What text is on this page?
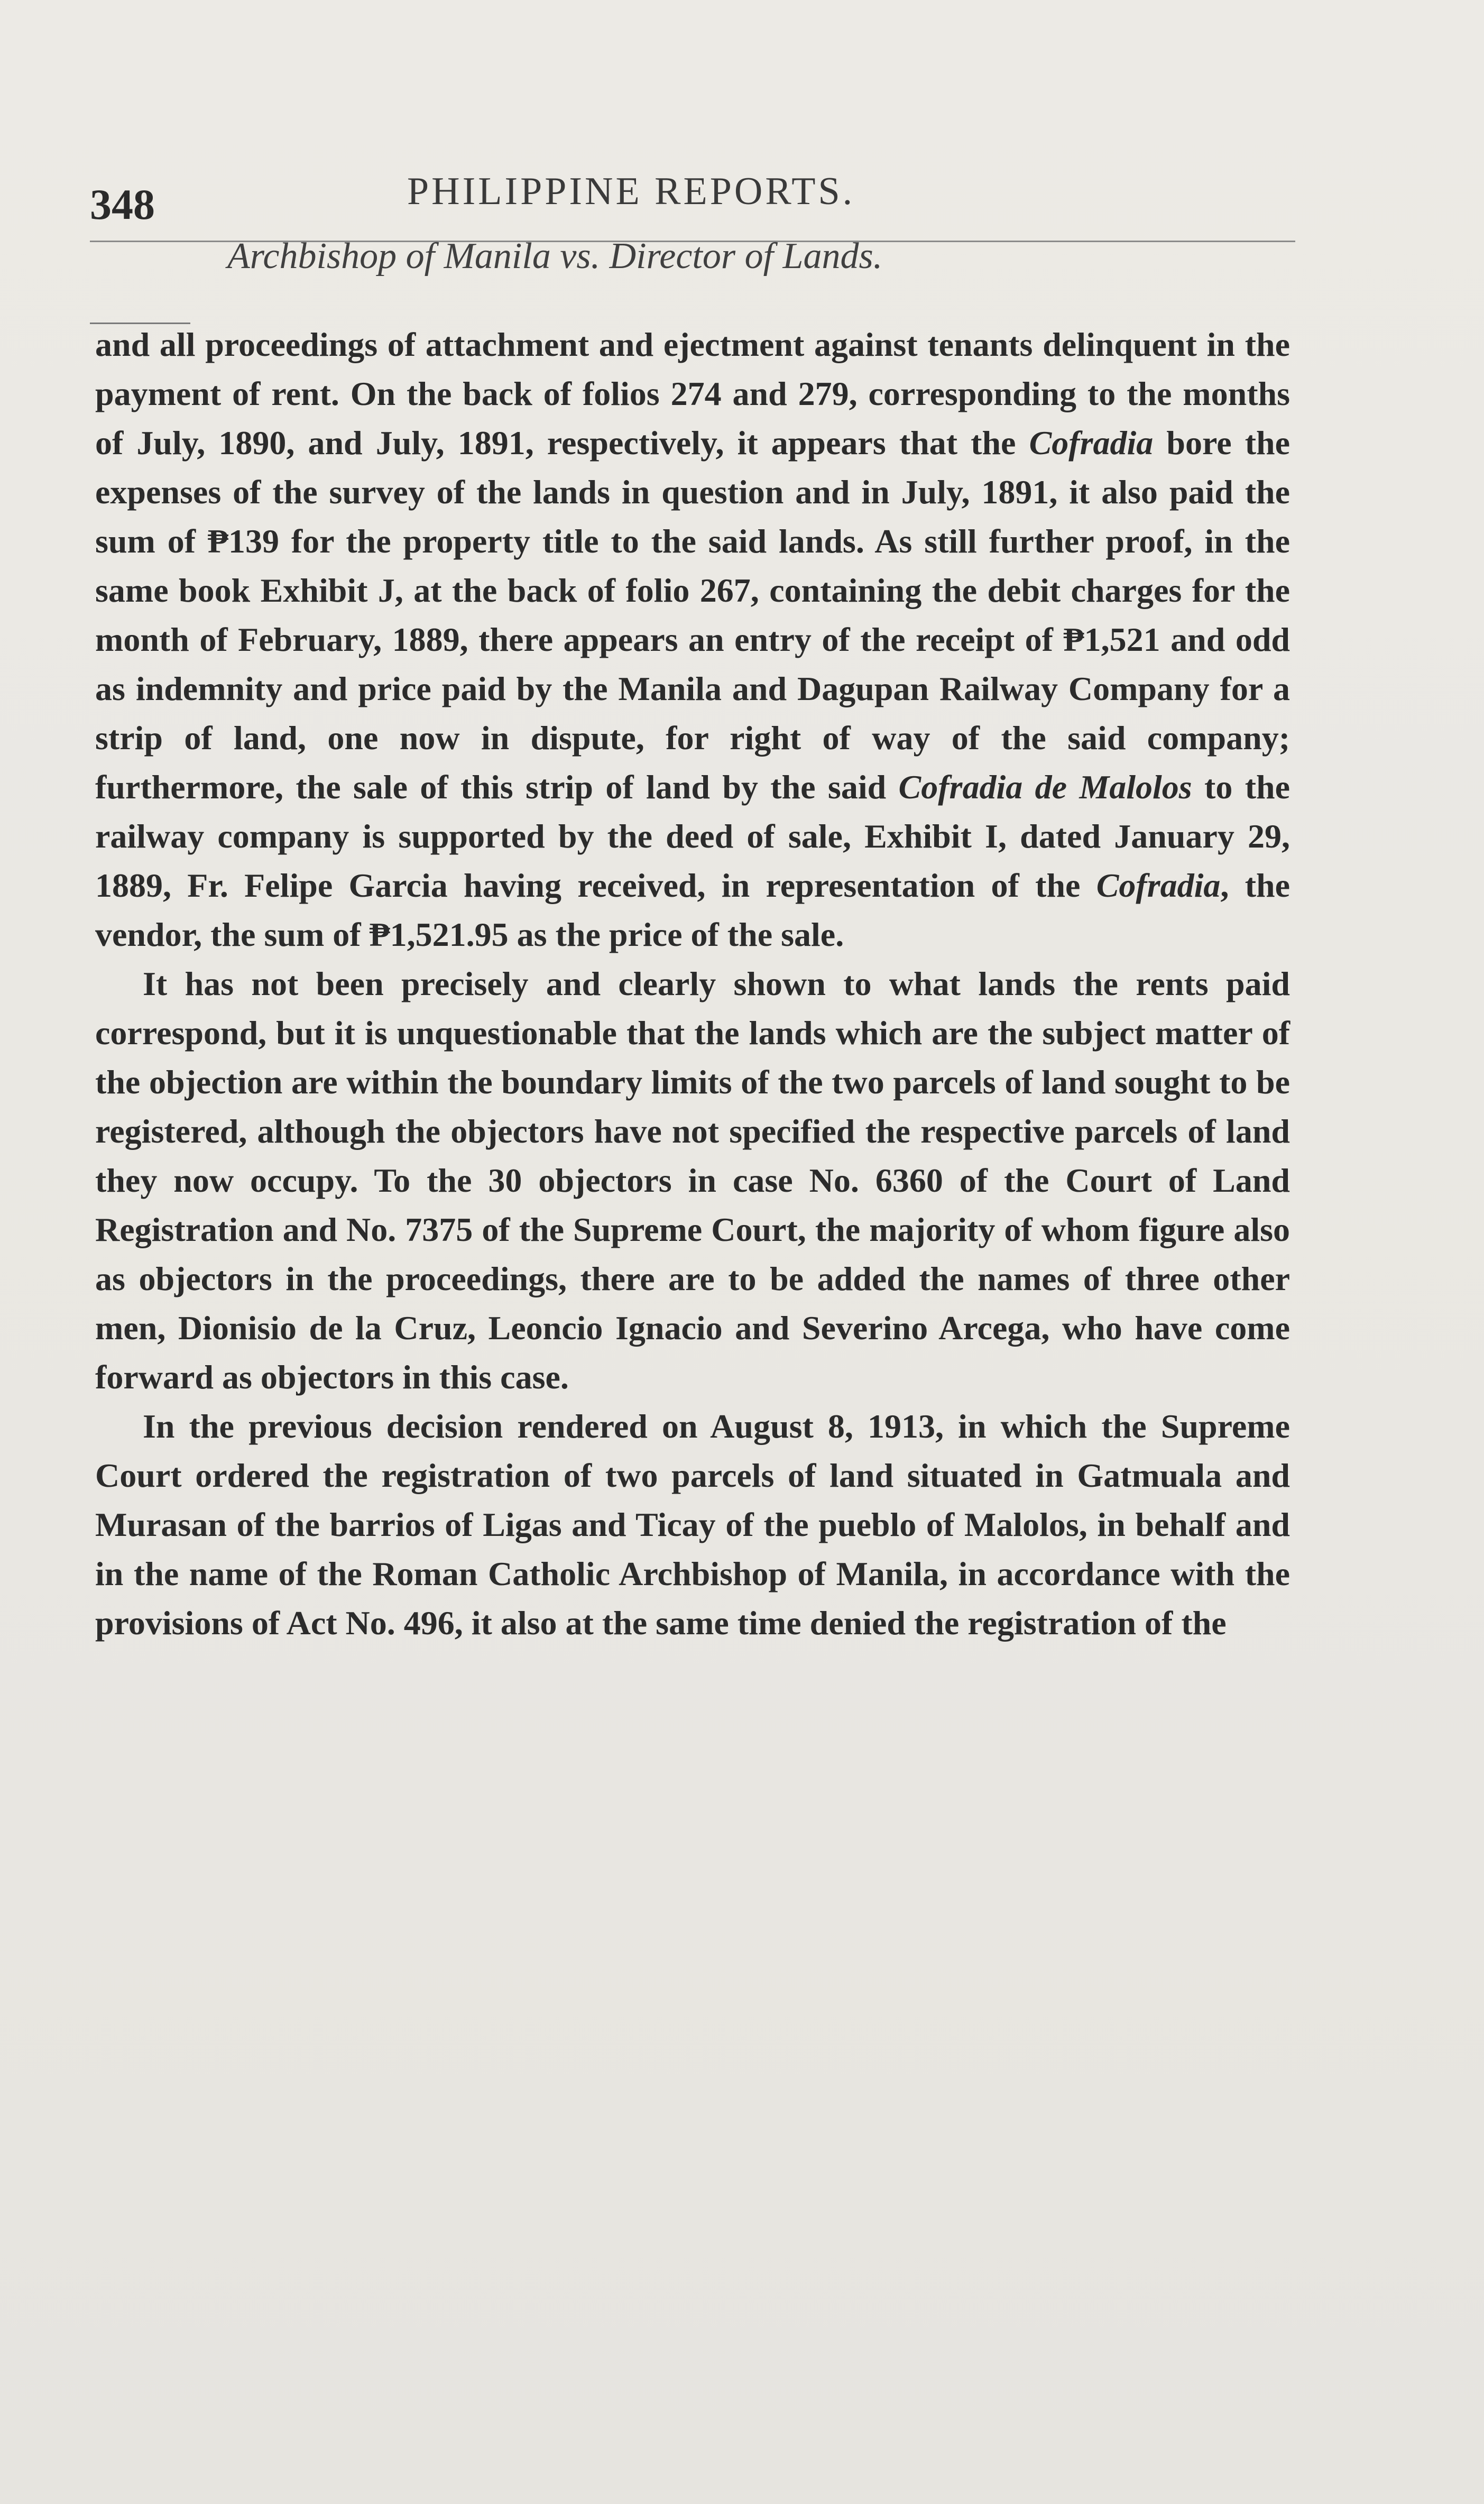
348	PHILIPPINE REPORTS.
Archbishop of Manila vs. Director of Lands.

and all proceedings of attachment and ejectment against tenants delinquent in the payment of rent. On the back of folios 274 and 279, corresponding to the months of July, 1890, and July, 1891, respectively, it appears that the Cofradia bore the expenses of the survey of the lands in question and in July, 1891, it also paid the sum of ₱139 for the property title to the said lands. As still further proof, in the same book Exhibit J, at the back of folio 267, containing the debit charges for the month of February, 1889, there appears an entry of the receipt of ₱1,521 and odd as indemnity and price paid by the Manila and Dagupan Railway Company for a strip of land, one now in dispute, for right of way of the said company; furthermore, the sale of this strip of land by the said Cofradia de Malolos to the railway company is supported by the deed of sale, Exhibit I, dated January 29, 1889, Fr. Felipe Garcia having received, in representation of the Cofradia, the vendor, the sum of ₱1,521.95 as the price of the sale.

It has not been precisely and clearly shown to what lands the rents paid correspond, but it is unquestionable that the lands which are the subject matter of the objection are within the boundary limits of the two parcels of land sought to be registered, although the objectors have not specified the respective parcels of land they now occupy. To the 30 objectors in case No. 6360 of the Court of Land Registration and No. 7375 of the Supreme Court, the majority of whom figure also as objectors in the proceedings, there are to be added the names of three other men, Dionisio de la Cruz, Leoncio Ignacio and Severino Arcega, who have come forward as objectors in this case.

In the previous decision rendered on August 8, 1913, in which the Supreme Court ordered the registration of two parcels of land situated in Gatmuala and Murasan of the barrios of Ligas and Ticay of the pueblo of Malolos, in behalf and in the name of the Roman Catholic Archbishop of Manila, in accordance with the provisions of Act No. 496, it also at the same time denied the registration of the
